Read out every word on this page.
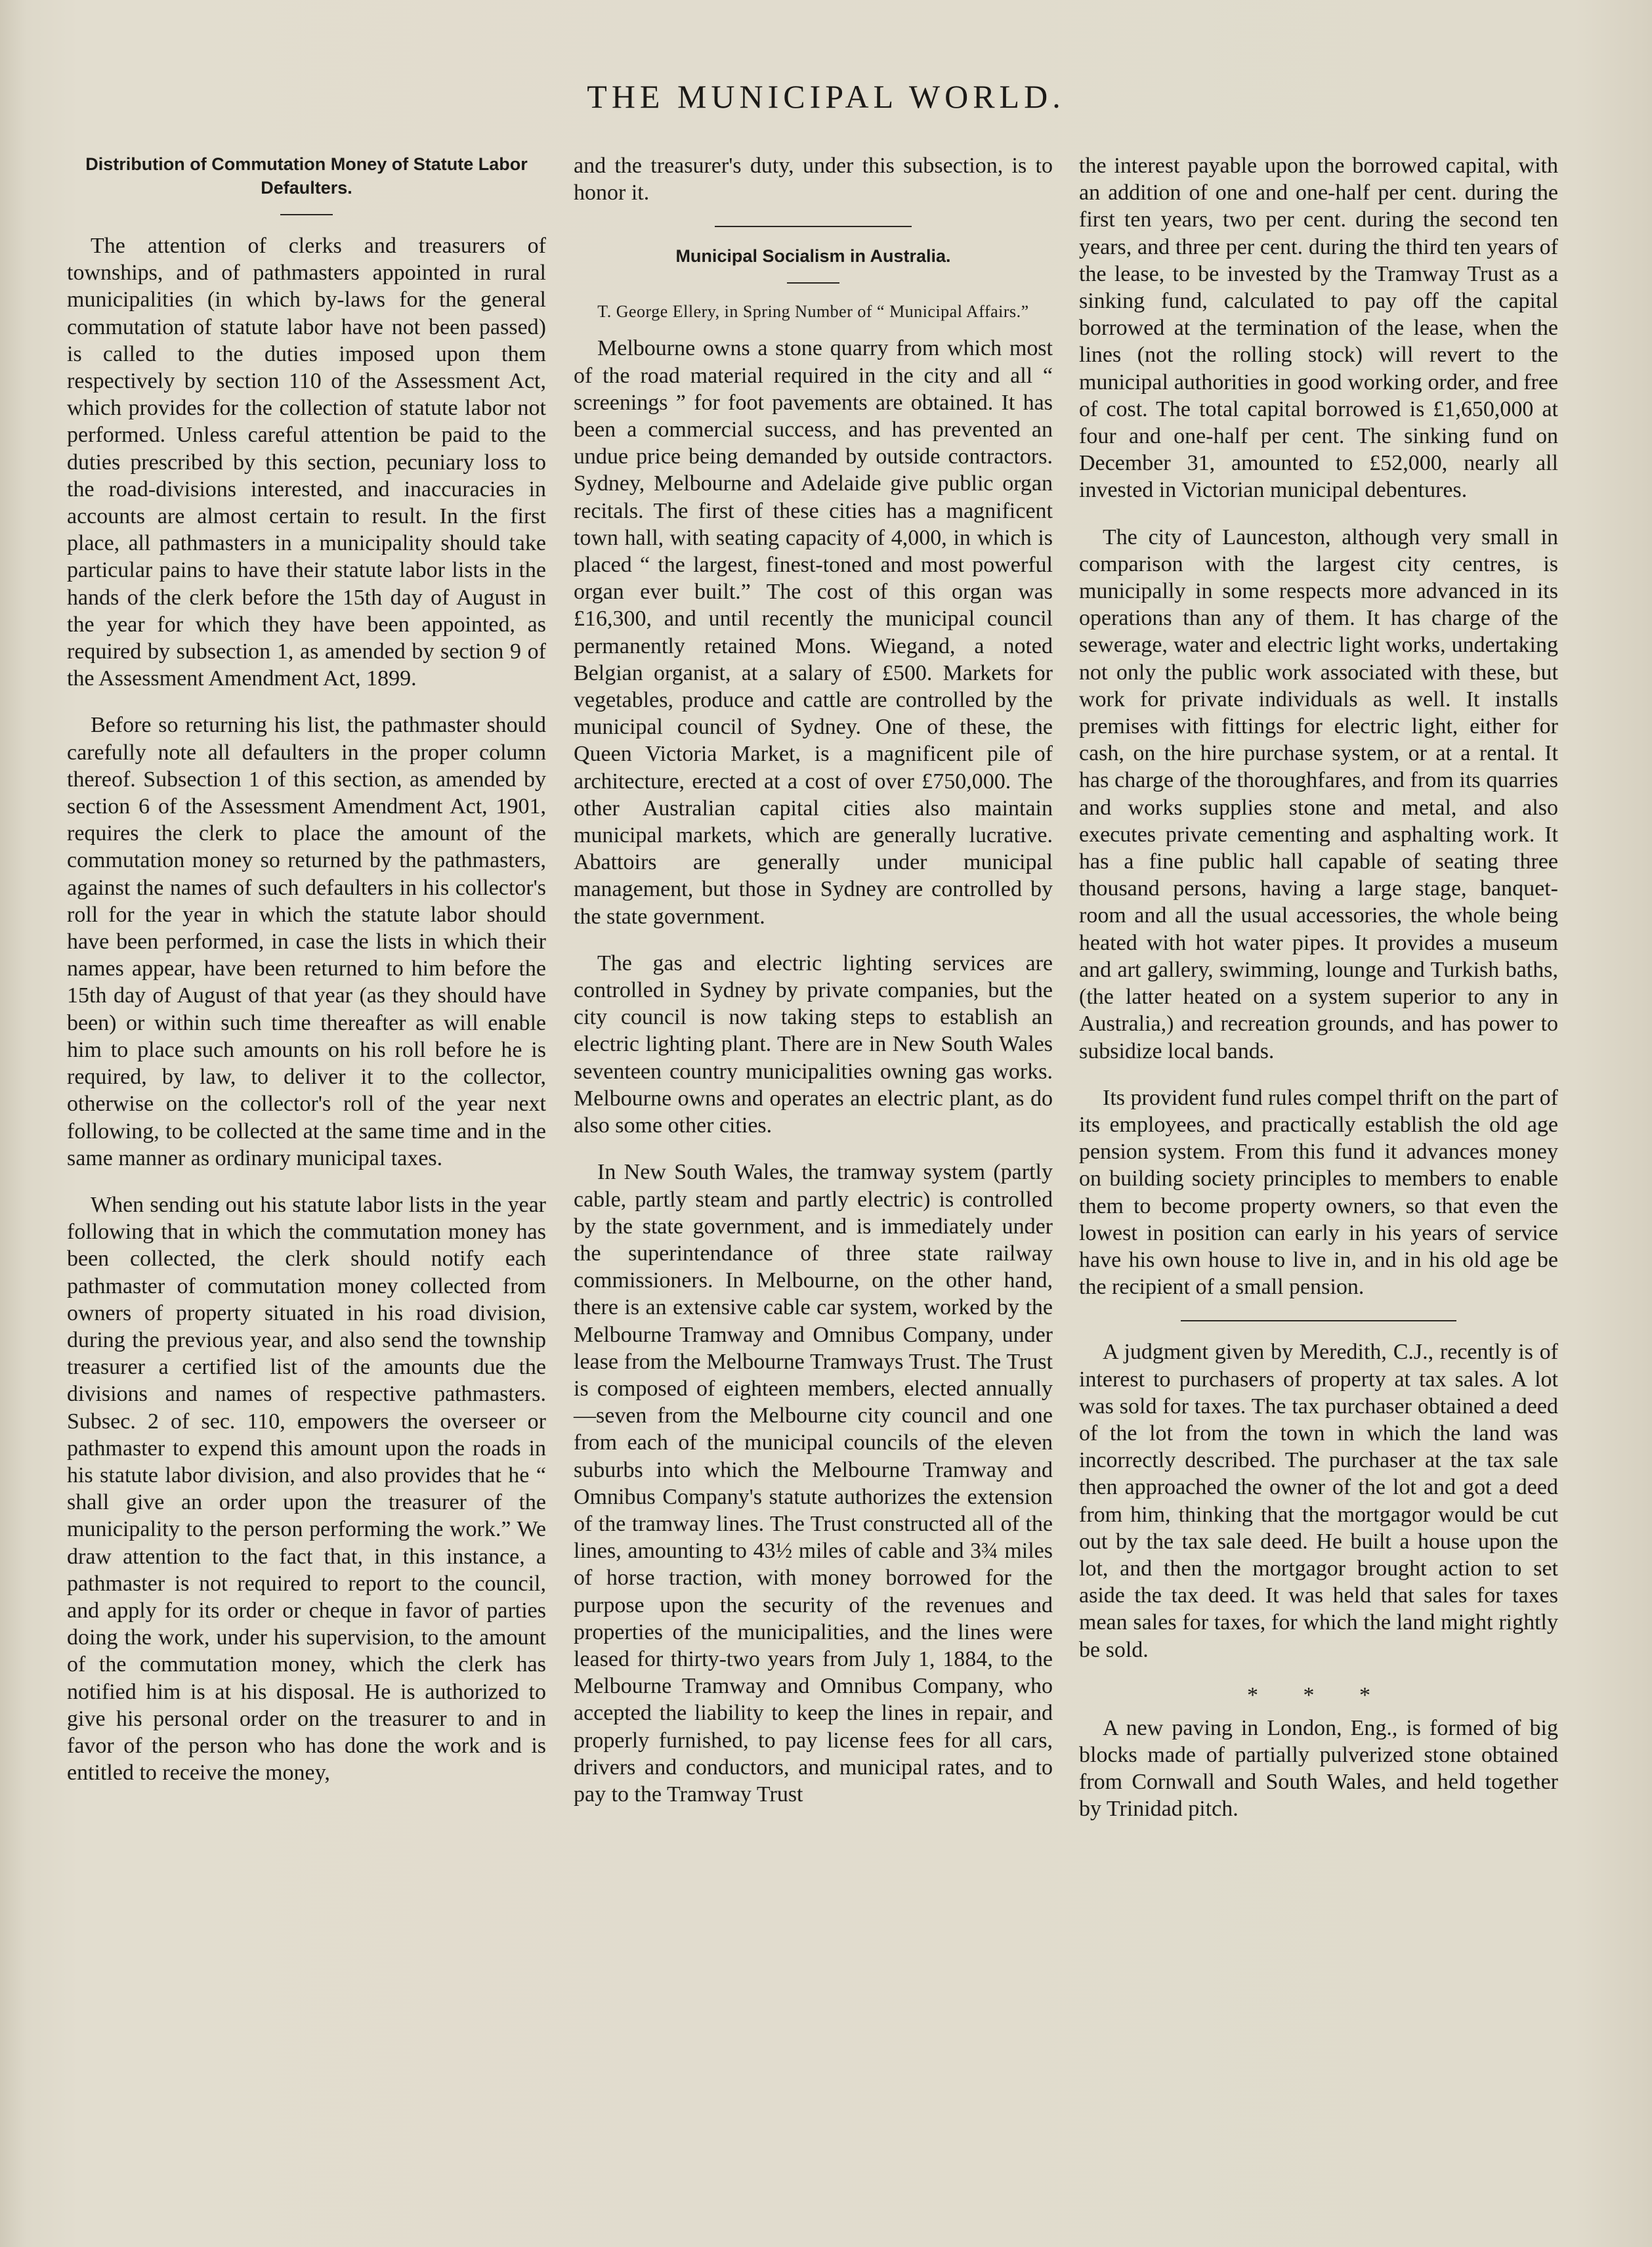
THE MUNICIPAL WORLD.
Distribution of Commutation Money of Statute Labor Defaulters.

The attention of clerks and treasurers of townships, and of pathmasters appointed in rural municipalities (in which by-laws for the general commutation of statute labor have not been passed) is called to the duties imposed upon them respectively by section 110 of the Assessment Act, which provides for the collection of statute labor not performed. Unless careful attention be paid to the duties prescribed by this section, pecuniary loss to the road-divisions interested, and inaccuracies in accounts are almost certain to result. In the first place, all pathmasters in a municipality should take particular pains to have their statute labor lists in the hands of the clerk before the 15th day of August in the year for which they have been appointed, as required by subsection 1, as amended by section 9 of the Assessment Amendment Act, 1899.

Before so returning his list, the pathmaster should carefully note all defaulters in the proper column thereof. Subsection 1 of this section, as amended by section 6 of the Assessment Amendment Act, 1901, requires the clerk to place the amount of the commutation money so returned by the pathmasters, against the names of such defaulters in his collector's roll for the year in which the statute labor should have been performed, in case the lists in which their names appear, have been returned to him before the 15th day of August of that year (as they should have been) or within such time thereafter as will enable him to place such amounts on his roll before he is required, by law, to deliver it to the collector, otherwise on the collector's roll of the year next following, to be collected at the same time and in the same manner as ordinary municipal taxes.

When sending out his statute labor lists in the year following that in which the commutation money has been collected, the clerk should notify each pathmaster of commutation money collected from owners of property situated in his road division, during the previous year, and also send the township treasurer a certified list of the amounts due the divisions and names of respective pathmasters. Subsec. 2 of sec. 110, empowers the overseer or pathmaster to expend this amount upon the roads in his statute labor division, and also provides that he “ shall give an order upon the treasurer of the municipality to the person performing the work.” We draw attention to the fact that, in this instance, a pathmaster is not required to report to the council, and apply for its order or cheque in favor of parties doing the work, under his supervision, to the amount of the commutation money, which the clerk has notified him is at his disposal. He is authorized to give his personal order on the treasurer to and in favor of the person who has done the work and is entitled to receive the money,

and the treasurer's duty, under this subsection, is to honor it.

Municipal Socialism in Australia.
T. George Ellery, in Spring Number of “ Municipal Affairs.”

Melbourne owns a stone quarry from which most of the road material required in the city and all “ screenings ” for foot pavements are obtained. It has been a commercial success, and has prevented an undue price being demanded by outside contractors. Sydney, Melbourne and Adelaide give public organ recitals. The first of these cities has a magnificent town hall, with seating capacity of 4,000, in which is placed “ the largest, finest-toned and most powerful organ ever built.” The cost of this organ was £16,300, and until recently the municipal council permanently retained Mons. Wiegand, a noted Belgian organist, at a salary of £500. Markets for vegetables, produce and cattle are controlled by the municipal council of Sydney. One of these, the Queen Victoria Market, is a magnificent pile of architecture, erected at a cost of over £750,000. The other Australian capital cities also maintain municipal markets, which are generally lucrative. Abattoirs are generally under municipal management, but those in Sydney are controlled by the state government.

The gas and electric lighting services are controlled in Sydney by private companies, but the city council is now taking steps to establish an electric lighting plant. There are in New South Wales seventeen country municipalities owning gas works. Melbourne owns and operates an electric plant, as do also some other cities.

In New South Wales, the tramway system (partly cable, partly steam and partly electric) is controlled by the state government, and is immediately under the superintendance of three state railway commissioners. In Melbourne, on the other hand, there is an extensive cable car system, worked by the Melbourne Tramway and Omnibus Company, under lease from the Melbourne Tramways Trust. The Trust is composed of eighteen members, elected annually—seven from the Melbourne city council and one from each of the municipal councils of the eleven suburbs into which the Melbourne Tramway and Omnibus Company's statute authorizes the extension of the tramway lines. The Trust constructed all of the lines, amounting to 43½ miles of cable and 3¾ miles of horse traction, with money borrowed for the purpose upon the security of the revenues and properties of the municipalities, and the lines were leased for thirty-two years from July 1, 1884, to the Melbourne Tramway and Omnibus Company, who accepted the liability to keep the lines in repair, and properly furnished, to pay license fees for all cars, drivers and conductors, and municipal rates, and to pay to the Tramway Trust

the interest payable upon the borrowed capital, with an addition of one and one-half per cent. during the first ten years, two per cent. during the second ten years, and three per cent. during the third ten years of the lease, to be invested by the Tramway Trust as a sinking fund, calculated to pay off the capital borrowed at the termination of the lease, when the lines (not the rolling stock) will revert to the municipal authorities in good working order, and free of cost. The total capital borrowed is £1,650,000 at four and one-half per cent. The sinking fund on December 31, amounted to £52,000, nearly all invested in Victorian municipal debentures.

The city of Launceston, although very small in comparison with the largest city centres, is municipally in some respects more advanced in its operations than any of them. It has charge of the sewerage, water and electric light works, undertaking not only the public work associated with these, but work for private individuals as well. It installs premises with fittings for electric light, either for cash, on the hire purchase system, or at a rental. It has charge of the thoroughfares, and from its quarries and works supplies stone and metal, and also executes private cementing and asphalting work. It has a fine public hall capable of seating three thousand persons, having a large stage, banquet-room and all the usual accessories, the whole being heated with hot water pipes. It provides a museum and art gallery, swimming, lounge and Turkish baths, (the latter heated on a system superior to any in Australia,) and recreation grounds, and has power to subsidize local bands.

Its provident fund rules compel thrift on the part of its employees, and practically establish the old age pension system. From this fund it advances money on building society principles to members to enable them to become property owners, so that even the lowest in position can early in his years of service have his own house to live in, and in his old age be the recipient of a small pension.

A judgment given by Meredith, C.J., recently is of interest to purchasers of property at tax sales. A lot was sold for taxes. The tax purchaser obtained a deed of the lot from the town in which the land was incorrectly described. The purchaser at the tax sale then approached the owner of the lot and got a deed from him, thinking that the mortgagor would be cut out by the tax sale deed. He built a house upon the lot, and then the mortgagor brought action to set aside the tax deed. It was held that sales for taxes mean sales for taxes, for which the land might rightly be sold.

* * *

A new paving in London, Eng., is formed of big blocks made of partially pulverized stone obtained from Cornwall and South Wales, and held together by Trinidad pitch.
